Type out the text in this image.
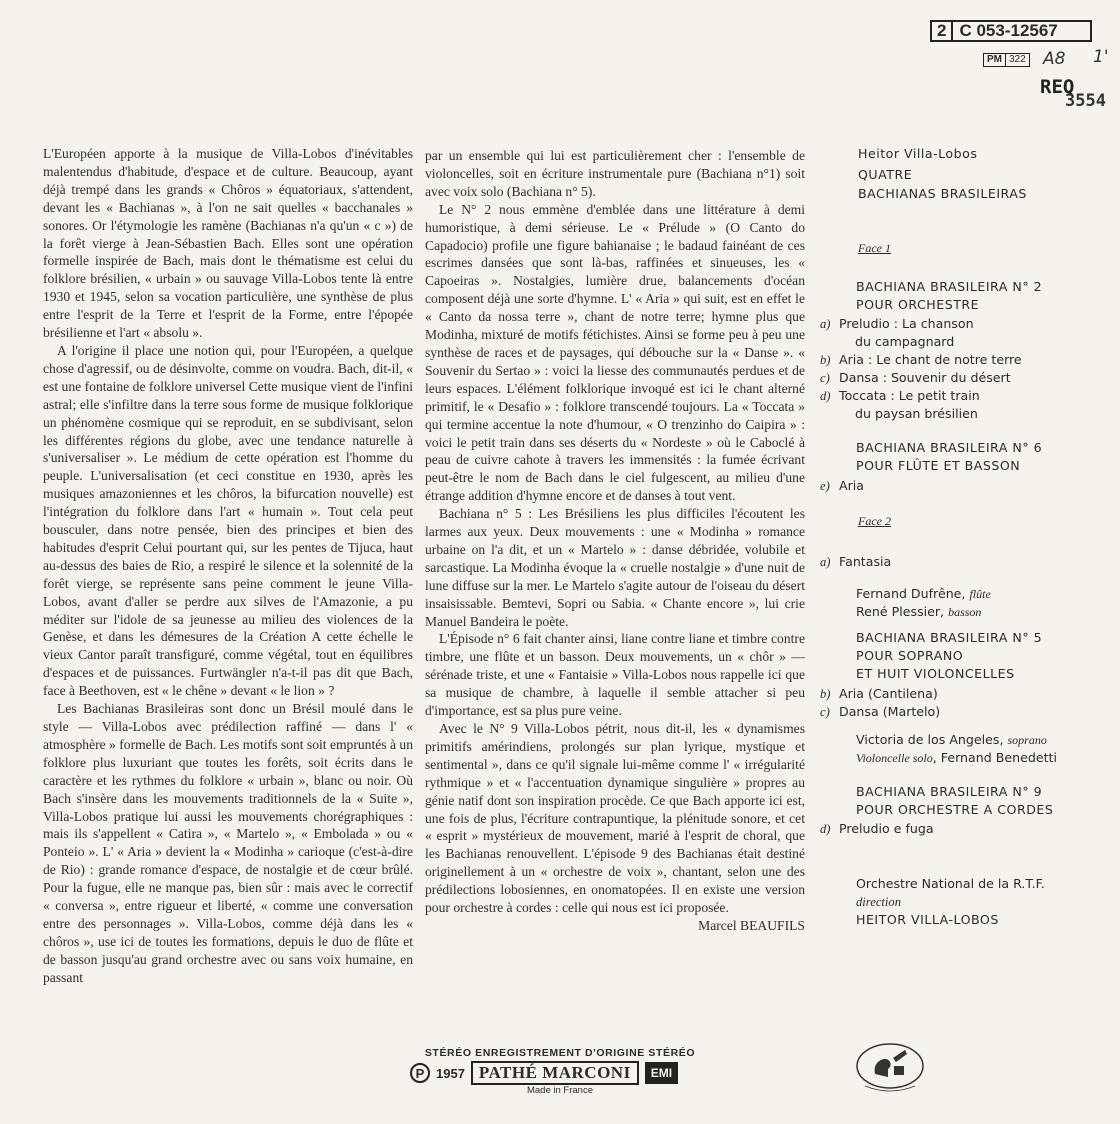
2 C 053-12567
PM 322 A8 1'
REQ
3554

L'Européen apporte à la musique de Villa-Lobos d'inévitables malentendus d'habitude, d'espace et de culture. Beaucoup, ayant déjà trempé dans les grands « Chôros » équatoriaux, s'attendent, devant les « Bachianas », à l'on ne sait quelles « bacchanales » sonores. Or l'étymologie les ramène (Bachianas n'a qu'un « c ») de la forêt vierge à Jean-Sébastien Bach. Elles sont une opération formelle inspirée de Bach, mais dont le thématisme est celui du folklore brésilien, « urbain » ou sauvage Villa-Lobos tente là entre 1930 et 1945, selon sa vocation particulière, une synthèse de plus entre l'esprit de la Terre et l'esprit de la Forme, entre l'épopée brésilienne et l'art « absolu ».

A l'origine il place une notion qui, pour l'Européen, a quelque chose d'agressif, ou de désinvolte, comme on voudra. Bach, dit-il, « est une fontaine de folklore universel Cette musique vient de l'infini astral; elle s'infiltre dans la terre sous forme de musique folklorique un phénomène cosmique qui se reproduit, en se subdivisant, selon les différentes régions du globe, avec une tendance naturelle à s'universaliser ». Le médium de cette opération est l'homme du peuple. L'universalisation (et ceci constitue en 1930, après les musiques amazoniennes et les chôros, la bifurcation nouvelle) est l'intégration du folklore dans l'art « humain ». Tout cela peut bousculer, dans notre pensée, bien des principes et bien des habitudes d'esprit Celui pourtant qui, sur les pentes de Tijuca, haut au-dessus des baies de Rio, a respiré le silence et la solennité de la forêt vierge, se représente sans peine comment le jeune Villa-Lobos, avant d'aller se perdre aux silves de l'Amazonie, a pu méditer sur l'idole de sa jeunesse au milieu des violences de la Genèse, et dans les démesures de la Création A cette échelle le vieux Cantor paraît transfiguré, comme végétal, tout en équilibres d'espaces et de puissances. Furtwängler n'a-t-il pas dit que Bach, face à Beethoven, est « le chêne » devant « le lion » ?

Les Bachianas Brasileiras sont donc un Brésil moulé dans le style — Villa-Lobos avec prédilection raffiné — dans l' « atmosphère » formelle de Bach. Les motifs sont soit empruntés à un folklore plus luxuriant que toutes les forêts, soit écrits dans le caractère et les rythmes du folklore « urbain », blanc ou noir. Où Bach s'insère dans les mouvements traditionnels de la « Suite », Villa-Lobos pratique lui aussi les mouvements chorégraphiques : mais ils s'appellent « Catira », « Martelo », « Embolada » ou « Ponteio ». L' « Aria » devient la « Modinha » carioque (c'est-à-dire de Rio) : grande romance d'espace, de nostalgie et de cœur brûlé. Pour la fugue, elle ne manque pas, bien sûr : mais avec le correctif « conversa », entre rigueur et liberté, « comme une conversation entre des personnages ». Villa-Lobos, comme déjà dans les « chôros », use ici de toutes les formations, depuis le duo de flûte et de basson jusqu'au grand orchestre avec ou sans voix humaine, en passant

par un ensemble qui lui est particulièrement cher : l'ensemble de violoncelles, soit en écriture instrumentale pure (Bachiana n°1) soit avec voix solo (Bachiana n° 5).

Le N° 2 nous emmène d'emblée dans une littérature à demi humoristique, à demi sérieuse. Le « Prélude » (O Canto do Capadocio) profile une figure bahianaise ; le badaud fainéant de ces escrimes dansées que sont là-bas, raffinées et sinueuses, les « Capoeiras ». Nostalgies, lumière drue, balancements d'océan composent déjà une sorte d'hymne. L' « Aria » qui suit, est en effet le « Canto da nossa terre », chant de notre terre; hymne plus que Modinha, mixturé de motifs fétichistes. Ainsi se forme peu à peu une synthèse de races et de paysages, qui débouche sur la « Danse ». « Souvenir du Sertao » : voici la liesse des communautés perdues et de leurs espaces. L'élément folklorique invoqué est ici le chant alterné primitif, le « Desafio » : folklore transcendé toujours. La « Toccata » qui termine accentue la note d'humour, « O trenzinho do Caipira » : voici le petit train dans ses déserts du « Nordeste » où le Caboclé à peau de cuivre cahote à travers les immensités : la fumée écrivant peut-être le nom de Bach dans le ciel fulgescent, au milieu d'une étrange addition d'hymne encore et de danses à tout vent.

Bachiana n° 5 : Les Brésiliens les plus difficiles l'écoutent les larmes aux yeux. Deux mouvements : une « Modinha » romance urbaine on l'a dit, et un « Martelo » : danse débridée, volubile et sarcastique. La Modinha évoque la « cruelle nostalgie » d'une nuit de lune diffuse sur la mer. Le Martelo s'agite autour de l'oiseau du désert insaisissable. Bemtevi, Sopri ou Sabia. « Chante encore », lui crie Manuel Bandeira le poète.

L'Épisode n° 6 fait chanter ainsi, liane contre liane et timbre contre timbre, une flûte et un basson. Deux mouvements, un « chôr » — sérénade triste, et une « Fantaisie » Villa-Lobos nous rappelle ici que sa musique de chambre, à laquelle il semble attacher si peu d'importance, est sa plus pure veine.

Avec le N° 9 Villa-Lobos pétrit, nous dit-il, les « dynamismes primitifs amérindiens, prolongés sur plan lyrique, mystique et sentimental », dans ce qu'il signale lui-même comme l' « irrégularité rythmique » et « l'accentuation dynamique singulière » propres au génie natif dont son inspiration procède. Ce que Bach apporte ici est, une fois de plus, l'écriture contrapuntique, la plénitude sonore, et cet « esprit » mystérieux de mouvement, marié à l'esprit de choral, que les Bachianas renouvellent. L'épisode 9 des Bachianas était destiné originellement à un « orchestre de voix », chantant, selon une des prédilections lobosiennes, en onomatopées. Il en existe une version pour orchestre à cordes : celle qui nous est ici proposée.

Marcel BEAUFILS

Heitor Villa-Lobos
QUATRE
BACHIANAS BRASILEIRAS
Face 1
BACHIANA BRASILEIRA N° 2
POUR ORCHESTRE
a) Preludio : La chanson
du campagnard
b) Aria : Le chant de notre terre
c) Dansa : Souvenir du désert
d) Toccata : Le petit train
du paysan brésilien
BACHIANA BRASILEIRA N° 6
POUR FLÛTE ET BASSON
e) Aria
Face 2
a) Fantasia
Fernand Dufrêne, flûte
René Plessier, basson
BACHIANA BRASILEIRA N° 5
POUR SOPRANO
ET HUIT VIOLONCELLES
b) Aria (Cantilena)
c) Dansa (Martelo)
Victoria de los Angeles, soprano
Violoncelle solo, Fernand Benedetti
BACHIANA BRASILEIRA N° 9
POUR ORCHESTRE A CORDES
d) Preludio e fuga
Orchestre National de la R.T.F.
direction
HEITOR VILLA-LOBOS
STÉRÉO ENREGISTREMENT D'ORIGINE STÉRÉO
P 1957 PATHÉ MARCONI	EMI
Made in France
